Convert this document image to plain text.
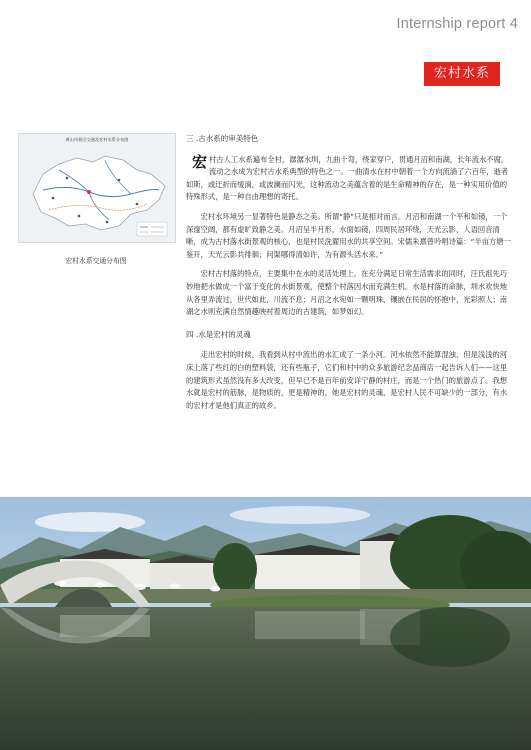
Internship report 4
宏村水系
黄山风景区交通及宏村水系分布图
宏村水系交通分布图
三 .古水系的审美特色

宏村古人工水系遍布全村，潺潺水圳，九曲十弯，绕家穿户，贯通月沼和南湖，长年流水不腐。流动之水成为宏村古水系典型的特色之一。一曲清水在村中朝着一个方向流淌了六百年，逝者如斯，或迂折而缓淌，或波澜而闪光，这种流动之美蕴含着的是生命精神的存在，是一种实用价值的特殊形式，是一种自由理想的寄托。

宏村水环境另一显著特色是静态之美。所谓“静”只是相对而言。月沼和南湖一个平和如镜，一个深邃空阔，都有虚旷致静之美。月沼呈半月形，水面如镜，四周民居环绕，天光云影，人语回音清晰，成为古村落水街景观的核心，也是村民洗濯用水的共享空间。宋儒朱熹曾吟唱诗篇：“半亩方塘一鉴开，天光云影共徘徊；问渠哪得清如许，为有源头活水来。”

宏村古村落的特点，主要集中在水的灵活处理上，在充分满足日常生活需求的同时，汪氏祖先巧妙地把水做成一个富于变化的水街景观，使整个村落因水而充满生机。水是村落的命脉，圳水欢快地从各里弄流过，世代如此，川流不息；月沼之水宛如一颗明珠，镶嵌在民居的怀抱中，光彩照人；南湖之水则充满自然情趣映衬着周边的古建筑，如梦如幻。

四 .水是宏村的灵魂

走出宏村的时候，我看到从村中流出的水汇成了一条小河。河水依然不能算混浊，但是浅浅的河床上落了些红的白的塑料袋，还有些瓶子，它们和村中的众多旅游纪念品商店一起告诉人们——这里的建筑形式虽然没有多大改变，但早已不是百年前安详宁静的村庄，而是一个热门的旅游点了。我想水就是宏村的筋脉，是物质的，更是精神的，她是宏村的灵魂，是宏村人民不可缺少的一部分，有水的宏村才是他们真正的故乡。
